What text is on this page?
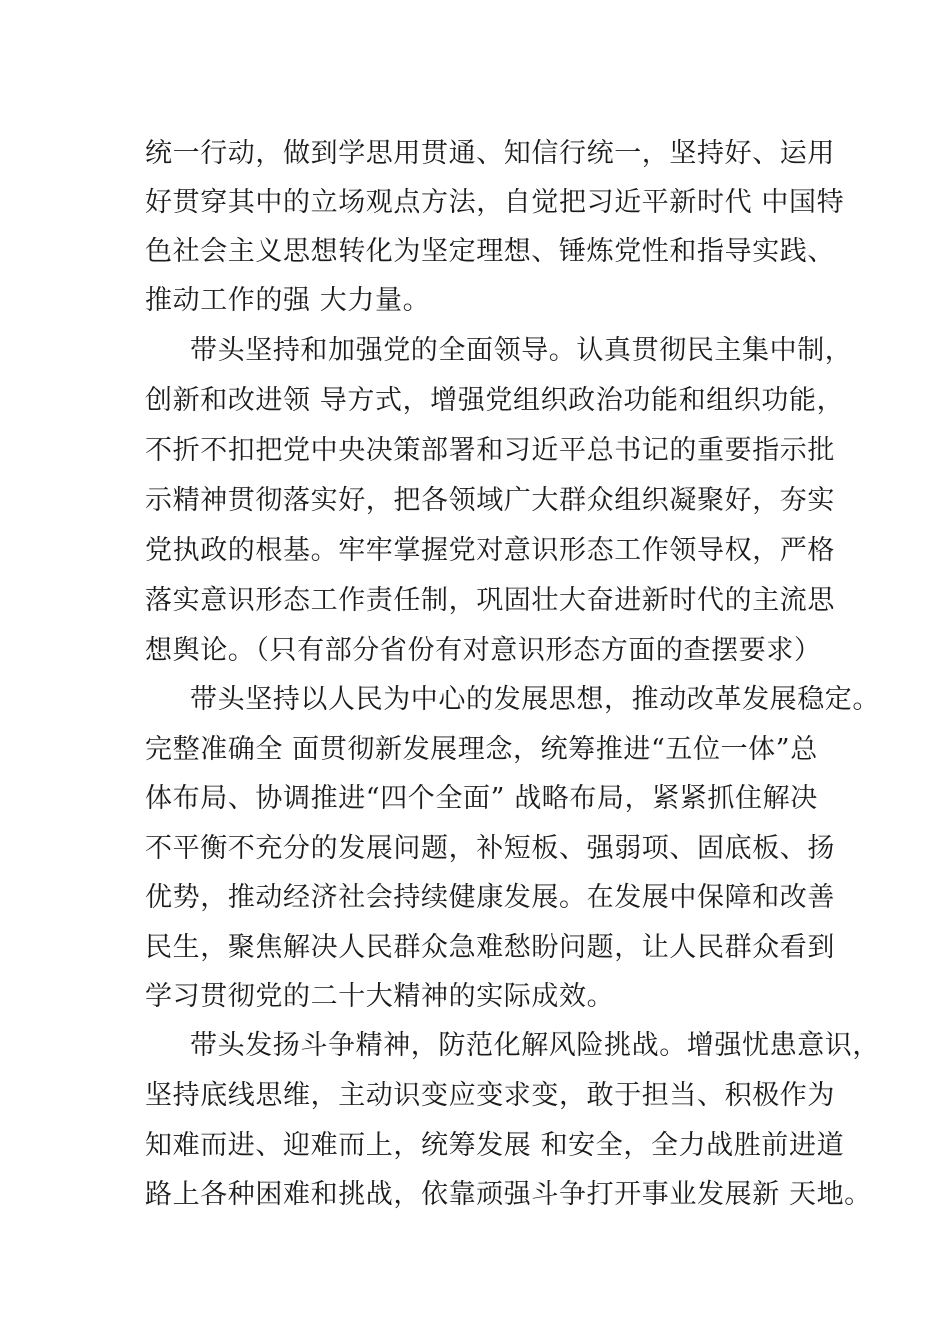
统一行动，做到学思用贯通、知信行统一，坚持好、运用
好贯穿其中的立场观点方法，自觉把习近平新时代 中国特
色社会主义思想转化为坚定理想、锤炼党性和指导实践、
推动工作的强 大力量。
带头坚持和加强党的全面领导。认真贯彻民主集中制，
创新和改进领 导方式，增强党组织政治功能和组织功能，
不折不扣把党中央决策部署和习近平总书记的重要指示批
示精神贯彻落实好，把各领域广大群众组织凝聚好，夯实
党执政的根基。牢牢掌握党对意识形态工作领导权，严格
落实意识形态工作责任制，巩固壮大奋进新时代的主流思
想舆论。（只有部分省份有对意识形态方面的查摆要求）
带头坚持以人民为中心的发展思想，推动改革发展稳定。
完整准确全 面贯彻新发展理念，统筹推进“五位一体”总
体布局、协调推进“四个全面” 战略布局，紧紧抓住解决
不平衡不充分的发展问题，补短板、强弱项、固底板、扬
优势，推动经济社会持续健康发展。在发展中保障和改善
民生，聚焦解决人民群众急难愁盼问题，让人民群众看到
学习贯彻党的二十大精神的实际成效。
带头发扬斗争精神，防范化解风险挑战。增强忧患意识，
坚持底线思维，主动识变应变求变，敢于担当、积极作为
知难而进、迎难而上，统筹发展 和安全，全力战胜前进道
路上各种困难和挑战，依靠顽强斗争打开事业发展新 天地。
